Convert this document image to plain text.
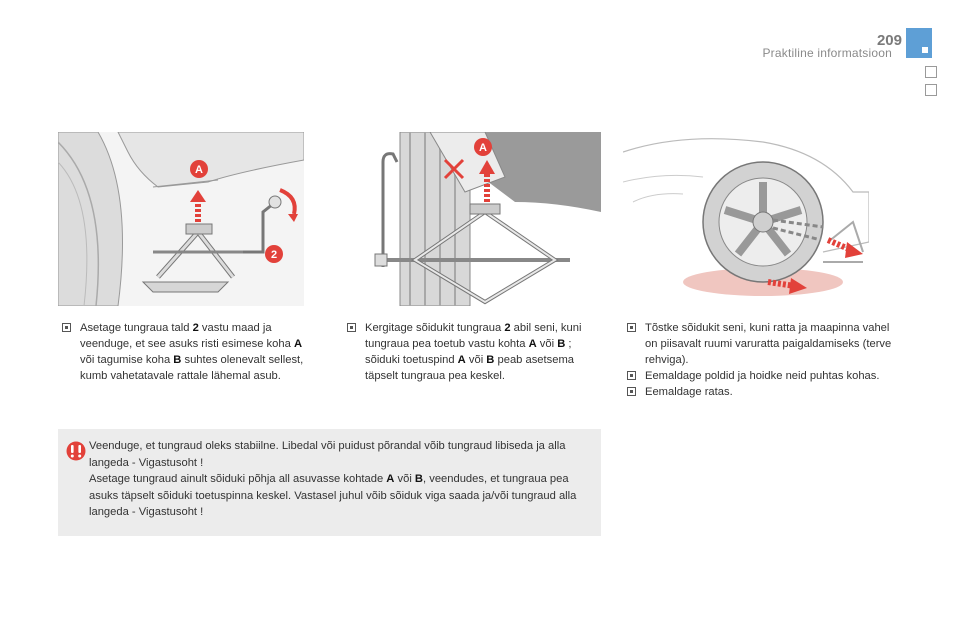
209
Praktiline informatsioon
A
2
A
Asetage tungraua tald 2 vastu maad ja veenduge, et see asuks risti esimese koha A või tagumise koha B suhtes olenevalt sellest, kumb vahetatavale rattale lähemal asub.
Kergitage sõidukit tungraua 2 abil seni, kuni tungraua pea toetub vastu kohta A või B ; sõiduki toetuspind A või B peab asetsema täpselt tungraua pea keskel.
Tõstke sõidukit seni, kuni ratta ja maapinna vahel on piisavalt ruumi varuratta paigaldamiseks (terve rehviga).
Eemaldage poldid ja hoidke neid puhtas kohas.
Eemaldage ratas.
Veenduge, et tungraud oleks stabiilne. Libedal või puidust põrandal võib tungraud libiseda ja alla langeda - Vigastusoht !
Asetage tungraud ainult sõiduki põhja all asuvasse kohtade A või B, veendudes, et tungraua pea asuks täpselt sõiduki toetuspinna keskel. Vastasel juhul võib sõiduk viga saada ja/või tungraud alla langeda - Vigastusoht !
